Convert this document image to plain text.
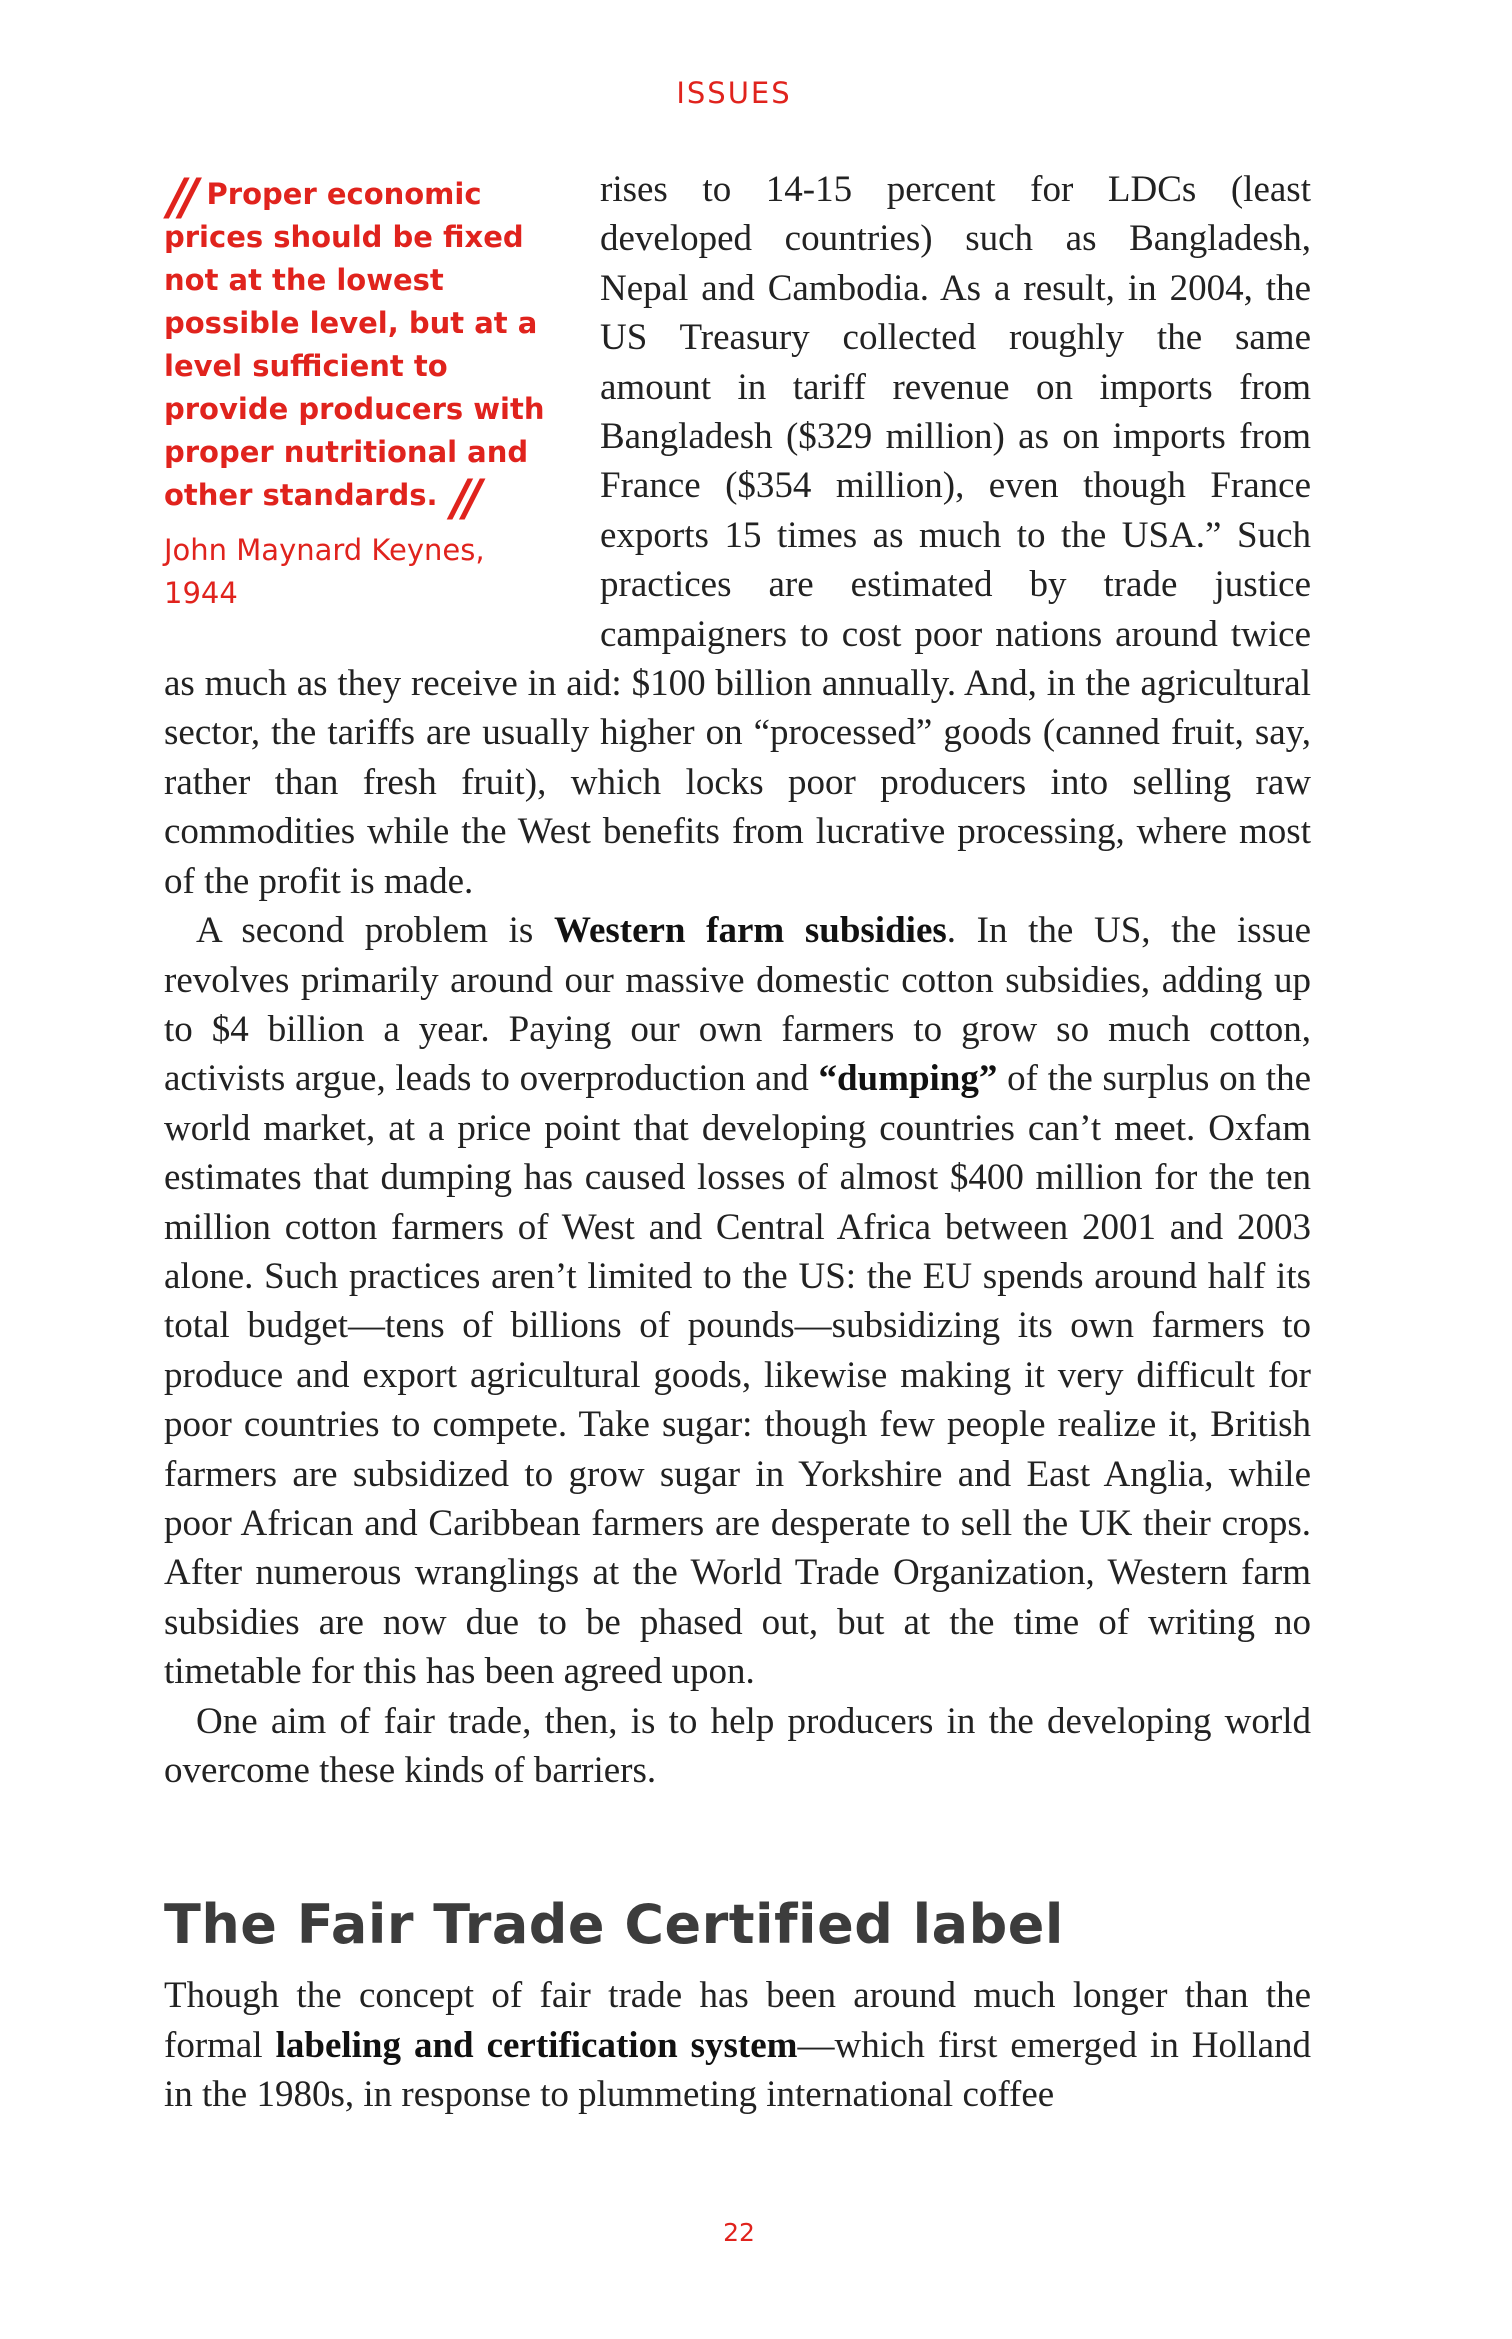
ISSUES
// Proper economic prices should be fixed not at the lowest possible level, but at a level sufficient to provide producers with proper nutritional and other standards. //
John Maynard Keynes,
1944

rises to 14-15 percent for LDCs (least developed countries) such as Bangladesh, Nepal and Cambodia. As a result, in 2004, the US Treasury collected roughly the same amount in tariff revenue on imports from Bangladesh ($329 million) as on imports from France ($354 million), even though France exports 15 times as much to the USA.” Such practices are estimated by trade justice campaigners to cost poor nations around twice as much as they receive in aid: $100 billion annually. And, in the agricultural sector, the tariffs are usually higher on “processed” goods (canned fruit, say, rather than fresh fruit), which locks poor producers into selling raw commodities while the West benefits from lucrative processing, where most of the profit is made.

A second problem is Western farm subsidies. In the US, the issue revolves primarily around our massive domestic cotton subsidies, adding up to $4 billion a year. Paying our own farmers to grow so much cotton, activists argue, leads to overproduction and “dumping” of the surplus on the world market, at a price point that developing countries can’t meet. Oxfam estimates that dumping has caused losses of almost $400 million for the ten million cotton farmers of West and Central Africa between 2001 and 2003 alone. Such practices aren’t limited to the US: the EU spends around half its total budget—tens of billions of pounds—subsidizing its own farmers to produce and export agricultural goods, likewise making it very difficult for poor countries to compete. Take sugar: though few people realize it, British farmers are subsidized to grow sugar in Yorkshire and East Anglia, while poor African and Caribbean farmers are desperate to sell the UK their crops. After numerous wranglings at the World Trade Organization, Western farm subsidies are now due to be phased out, but at the time of writing no timetable for this has been agreed upon.

One aim of fair trade, then, is to help producers in the developing world overcome these kinds of barriers.

The Fair Trade Certified label

Though the concept of fair trade has been around much longer than the formal labeling and certification system—which first emerged in Holland in the 1980s, in response to plummeting international coffee

22
